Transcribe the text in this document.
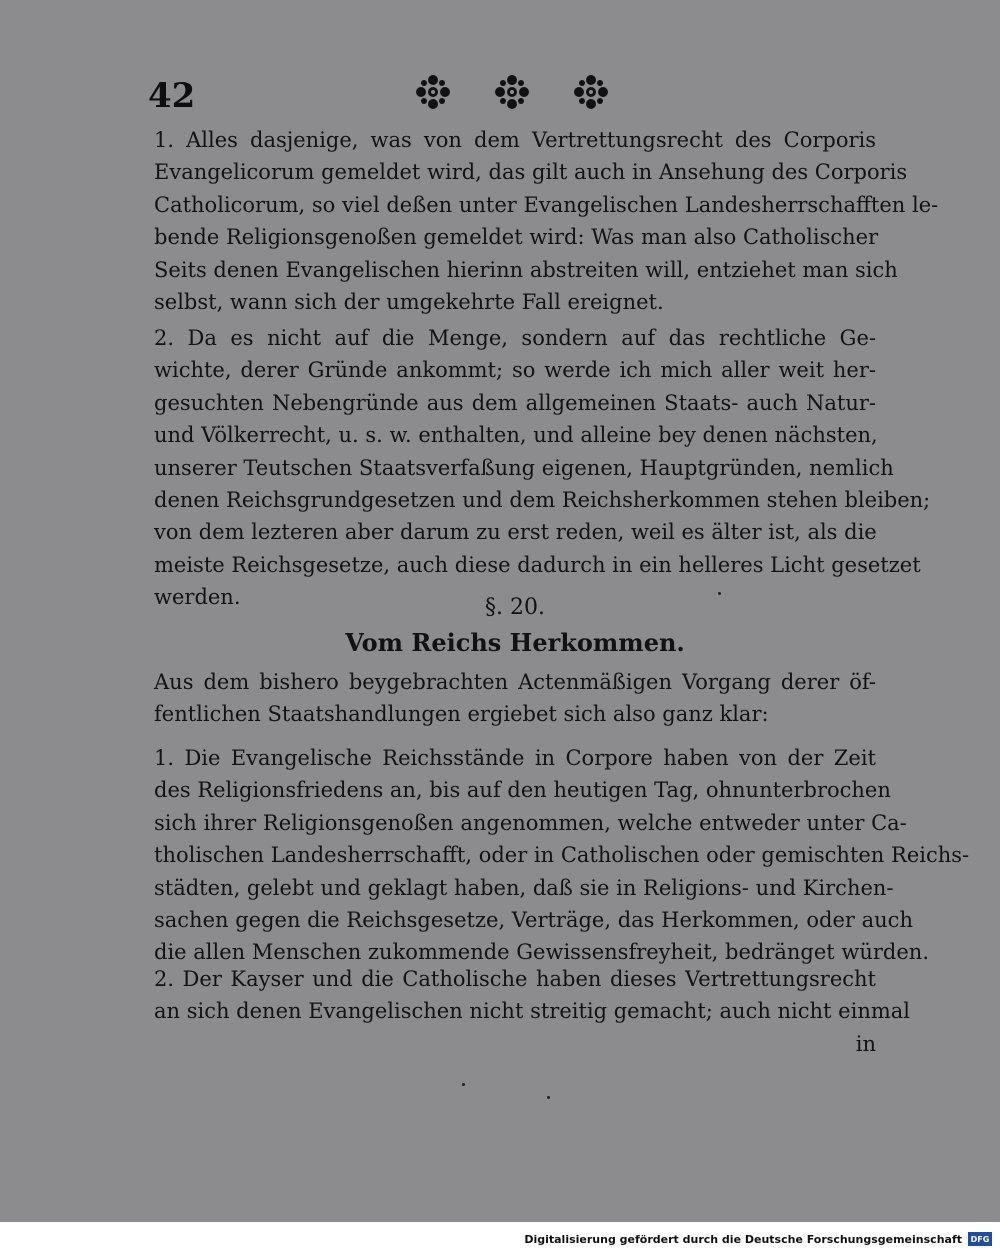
42
1. Alles dasjenige, was von dem Vertrettungsrecht des Corporis
Evangelicorum gemeldet wird, das gilt auch in Ansehung des Corporis
Catholicorum, so viel deßen unter Evangelischen Landesherrschafften le-
bende Religionsgenoßen gemeldet wird: Was man also Catholischer
Seits denen Evangelischen hierinn abstreiten will, entziehet man sich
selbst, wann sich der umgekehrte Fall ereignet.
2. Da es nicht auf die Menge, sondern auf das rechtliche Ge-
wichte, derer Gründe ankommt; so werde ich mich aller weit her-
gesuchten Nebengründe aus dem allgemeinen Staats- auch Natur-
und Völkerrecht, u. s. w. enthalten, und alleine bey denen nächsten,
unserer Teutschen Staatsverfaßung eigenen, Hauptgründen, nemlich
denen Reichsgrundgesetzen und dem Reichsherkommen stehen bleiben;
von dem lezteren aber darum zu erst reden, weil es älter ist, als die
meiste Reichsgesetze, auch diese dadurch in ein helleres Licht gesetzet
werden.	§. 20.
Vom Reichs Herkommen.
Aus dem bishero beygebrachten Actenmäßigen Vorgang derer öf-
fentlichen Staatshandlungen ergiebet sich also ganz klar:
1. Die Evangelische Reichsstände in Corpore haben von der Zeit
des Religionsfriedens an, bis auf den heutigen Tag, ohnunterbrochen
sich ihrer Religionsgenoßen angenommen, welche entweder unter Ca-
tholischen Landesherrschafft, oder in Catholischen oder gemischten Reichs-
städten, gelebt und geklagt haben, daß sie in Religions- und Kirchen-
sachen gegen die Reichsgesetze, Verträge, das Herkommen, oder auch
die allen Menschen zukommende Gewissensfreyheit, bedränget würden.
2. Der Kayser und die Catholische haben dieses Vertrettungsrecht
an sich denen Evangelischen nicht streitig gemacht; auch nicht einmal
in
Digitalisierung gefördert durch die Deutsche Forschungsgemeinschaft	DFG
